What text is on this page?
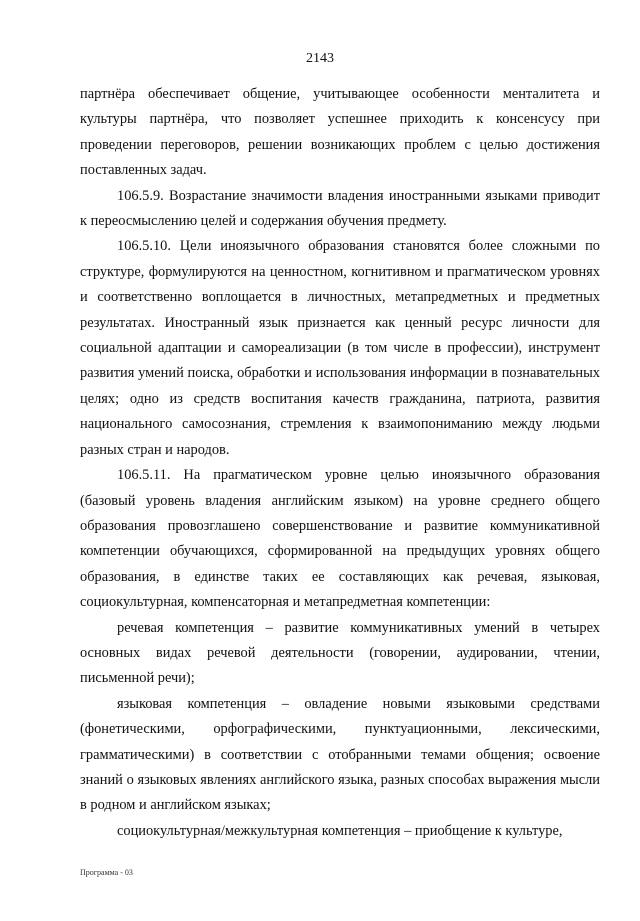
2143

партнёра обеспечивает общение, учитывающее особенности менталитета и культуры партнёра, что позволяет успешнее приходить к консенсусу при проведении переговоров, решении возникающих проблем с целью достижения поставленных задач.

106.5.9. Возрастание значимости владения иностранными языками приводит к переосмыслению целей и содержания обучения предмету.

106.5.10. Цели иноязычного образования становятся более сложными по структуре, формулируются на ценностном, когнитивном и прагматическом уровнях и соответственно воплощается в личностных, метапредметных и предметных результатах. Иностранный язык признается как ценный ресурс личности для социальной адаптации и самореализации (в том числе в профессии), инструмент развития умений поиска, обработки и использования информации в познавательных целях; одно из средств воспитания качеств гражданина, патриота, развития национального самосознания, стремления к взаимопониманию между людьми разных стран и народов.

106.5.11. На прагматическом уровне целью иноязычного образования (базовый уровень владения английским языком) на уровне среднего общего образования провозглашено совершенствование и развитие коммуникативной компетенции обучающихся, сформированной на предыдущих уровнях общего образования, в единстве таких ее составляющих как речевая, языковая, социокультурная, компенсаторная и метапредметная компетенции:

речевая компетенция – развитие коммуникативных умений в четырех основных видах речевой деятельности (говорении, аудировании, чтении, письменной речи);

языковая компетенция – овладение новыми языковыми средствами (фонетическими, орфографическими, пунктуационными, лексическими, грамматическими) в соответствии с отобранными темами общения; освоение знаний о языковых явлениях английского языка, разных способах выражения мысли в родном и английском языках;

социокультурная/межкультурная компетенция – приобщение к культуре,

Программа - 03
